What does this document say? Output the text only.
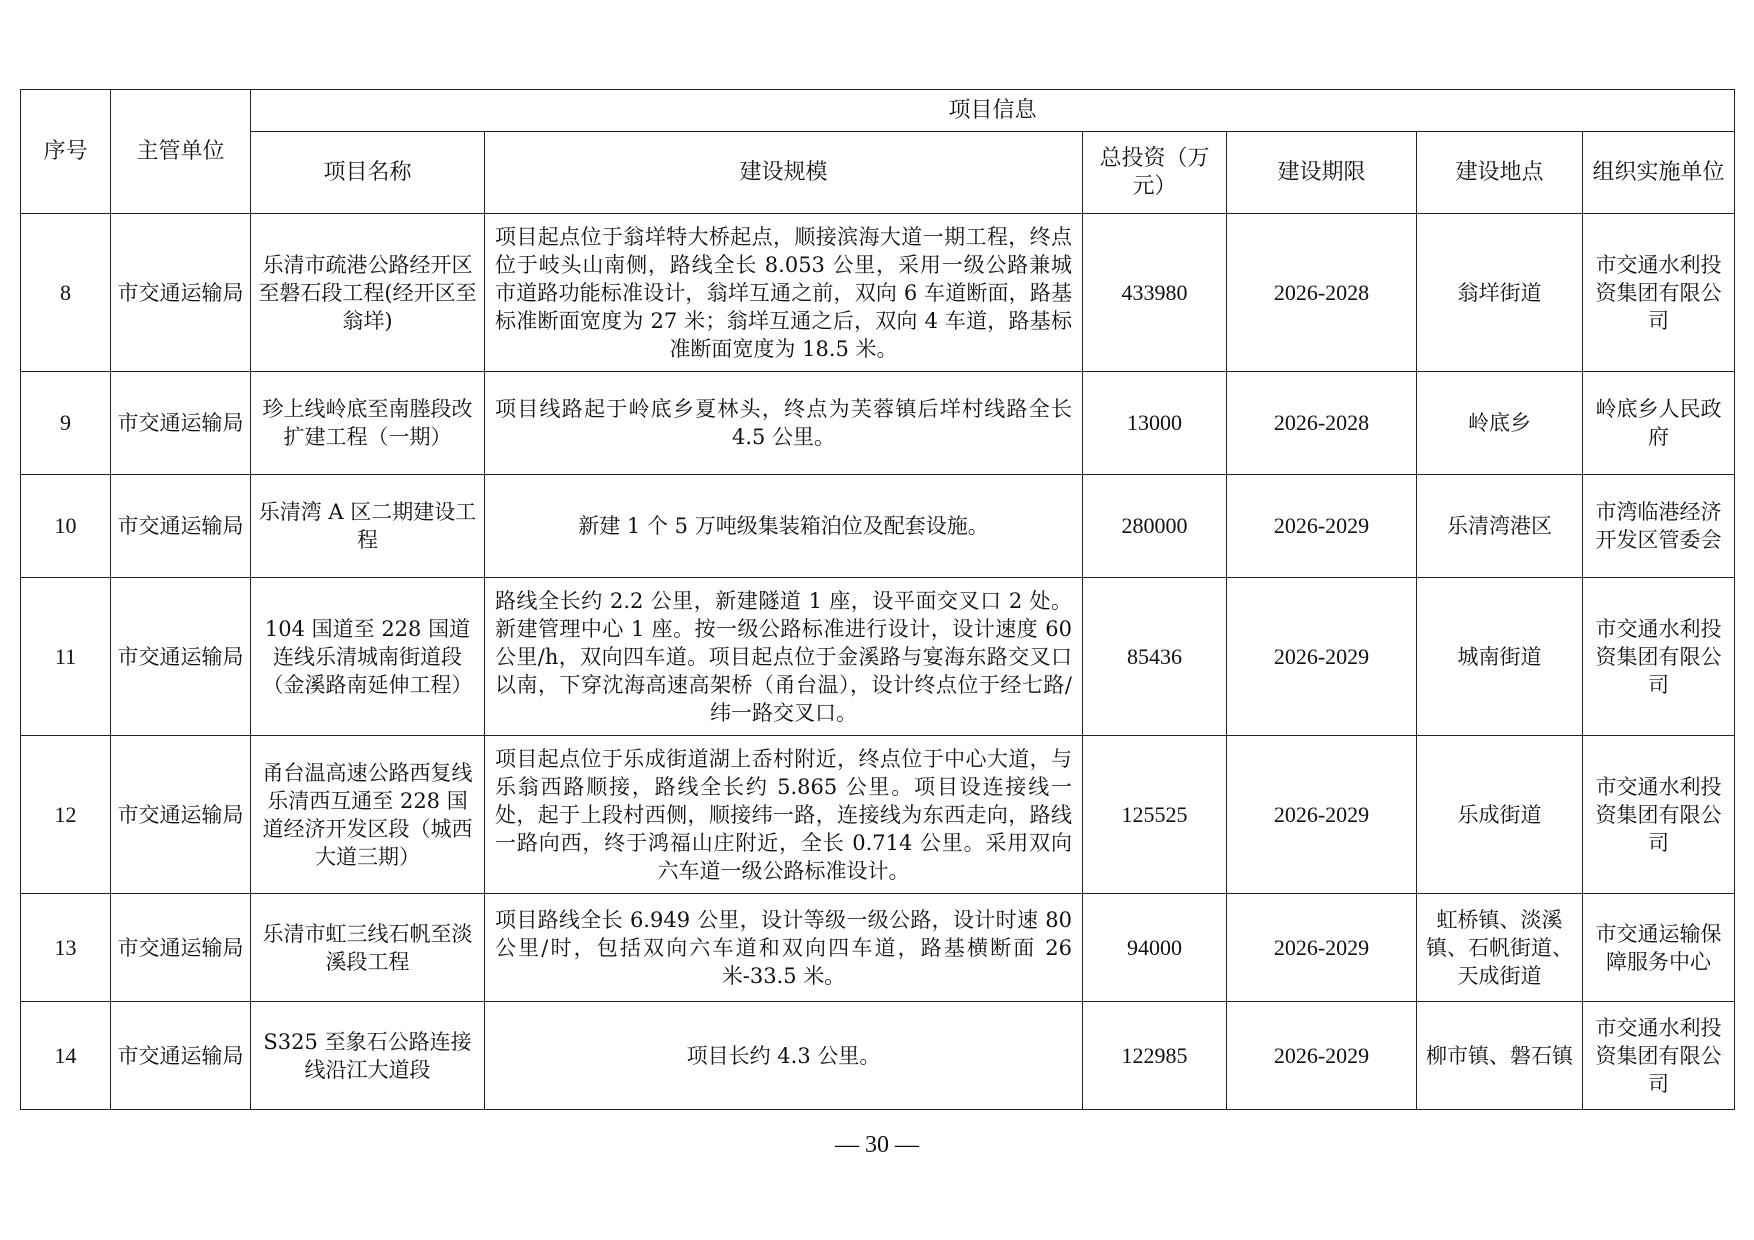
序号	主管单位	项目信息					
		项目名称	建设规模	总投资（万元）	建设期限	建设地点	组织实施单位
8	市交通运输局	乐清市疏港公路经开区至磐石段工程(经开区至翁垟)	项目起点位于翁垟特大桥起点，顺接滨海大道一期工程，终点位于岐头山南侧，路线全长 8.053 公里，采用一级公路兼城市道路功能标准设计，翁垟互通之前，双向 6 车道断面，路基标准断面宽度为 27 米；翁垟互通之后，双向 4 车道，路基标准断面宽度为 18.5 米。	433980	2026-2028	翁垟街道	市交通水利投资集团有限公司
9	市交通运输局	珍上线岭底至南塍段改扩建工程（一期）	项目线路起于岭底乡夏林头，终点为芙蓉镇后垟村线路全长 4.5 公里。	13000	2026-2028	岭底乡	岭底乡人民政府
10	市交通运输局	乐清湾 A 区二期建设工程	新建 1 个 5 万吨级集装箱泊位及配套设施。	280000	2026-2029	乐清湾港区	市湾临港经济开发区管委会
11	市交通运输局	104 国道至 228 国道连线乐清城南街道段（金溪路南延伸工程）	路线全长约 2.2 公里，新建隧道 1 座，设平面交叉口 2 处。新建管理中心 1 座。按一级公路标准进行设计，设计速度 60 公里/h，双向四车道。项目起点位于金溪路与宴海东路交叉口以南，下穿沈海高速高架桥（甬台温），设计终点位于经七路/纬一路交叉口。	85436	2026-2029	城南街道	市交通水利投资集团有限公司
12	市交通运输局	甬台温高速公路西复线乐清西互通至 228 国道经济开发区段（城西大道三期）	项目起点位于乐成街道湖上岙村附近，终点位于中心大道，与乐翁西路顺接，路线全长约 5.865 公里。项目设连接线一处，起于上段村西侧，顺接纬一路，连接线为东西走向，路线一路向西，终于鸿福山庄附近，全长 0.714 公里。采用双向六车道一级公路标准设计。	125525	2026-2029	乐成街道	市交通水利投资集团有限公司
13	市交通运输局	乐清市虹三线石帆至淡溪段工程	项目路线全长 6.949 公里，设计等级一级公路，设计时速 80 公里/时，包括双向六车道和双向四车道，路基横断面 26 米-33.5 米。	94000	2026-2029	虹桥镇、淡溪镇、石帆街道、天成街道	市交通运输保障服务中心
14	市交通运输局	S325 至象石公路连接线沿江大道段	项目长约 4.3 公里。	122985	2026-2029	柳市镇、磐石镇	市交通水利投资集团有限公司
— 30 —
